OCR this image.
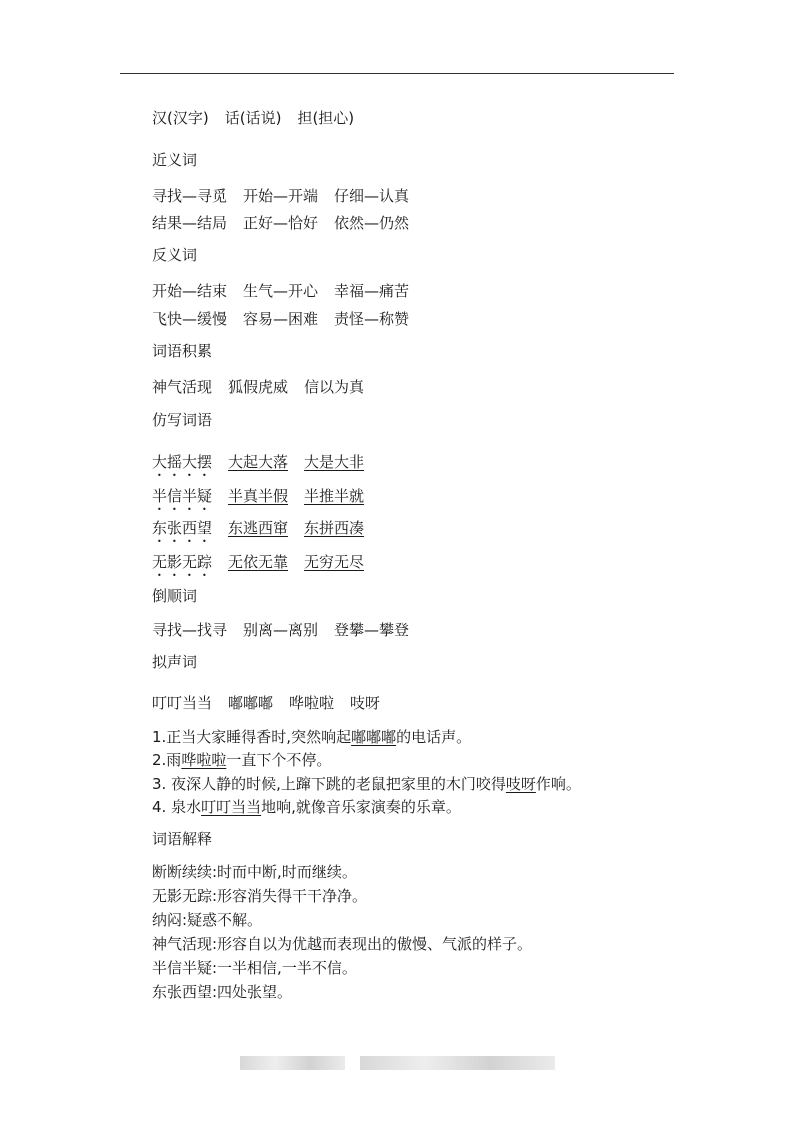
汉(汉字) 话(话说) 担(担心)
近义词
寻找—寻觅 开始—开端 仔细—认真
结果—结局 正好—恰好 依然—仍然
反义词
开始—结束 生气—开心 幸福—痛苦
飞快—缓慢 容易—困难 责怪—称赞
词语积累
神气活现 狐假虎威 信以为真
仿写词语
大摇大摆 大起大落 大是大非
半信半疑 半真半假 半推半就
东张西望 东逃西窜 东拼西凑
无影无踪 无依无靠 无穷无尽
倒顺词
寻找—找寻 别离—离别 登攀—攀登
拟声词
叮叮当当 嘟嘟嘟 哗啦啦 吱呀
1.正当大家睡得香时,突然响起嘟嘟嘟的电话声。
2.雨哗啦啦一直下个不停。
3. 夜深人静的时候,上蹿下跳的老鼠把家里的木门咬得吱呀作响。
4. 泉水叮叮当当地响,就像音乐家演奏的乐章。
词语解释
断断续续:时而中断,时而继续。
无影无踪:形容消失得干干净净。
纳闷:疑惑不解。
神气活现:形容自以为优越而表现出的傲慢、气派的样子。
半信半疑:一半相信,一半不信。
东张西望:四处张望。
